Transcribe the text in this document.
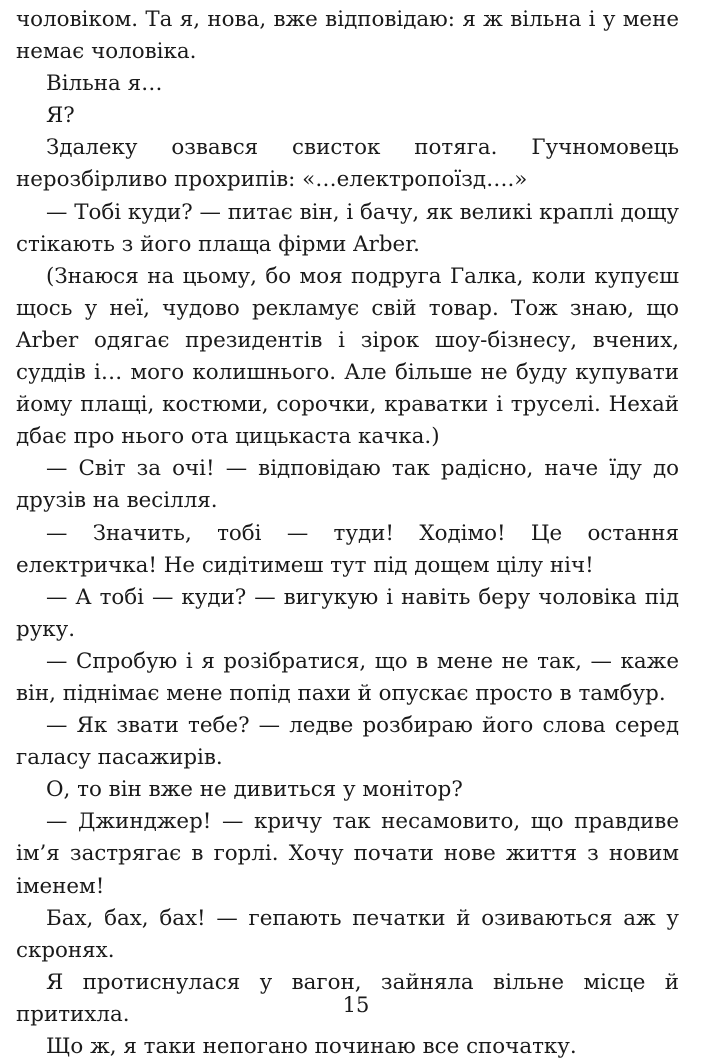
чоловіком. Та я, нова, вже відповідаю: я ж вільна і у мене немає чоловіка.

Вільна я…

Я?

Здалеку озвався свисток потяга. Гучномовець нерозбірливо прохрипів: «…електропоїзд….»

— Тобі куди? — питає він, і бачу, як великі краплі дощу стікають з його плаща фірми Arber.

(Знаюся на цьому, бо моя подруга Галка, коли купуєш щось у неї, чудово рекламує свій товар. Тож знаю, що Arber одягає президентів і зірок шоу-бізнесу, вчених, суддів і… мого колишнього. Але більше не буду купувати йому плащі, костюми, сорочки, краватки і труселі. Нехай дбає про нього ота цицькаста качка.)

— Світ за очі! — відповідаю так радісно, наче їду до друзів на весілля.

— Значить, тобі — туди! Ходімо! Це остання електричка! Не сидітимеш тут під дощем цілу ніч!

— А тобі — куди? — вигукую і навіть беру чоловіка під руку.

— Спробую і я розібратися, що в мене не так, — каже він, піднімає мене попід пахи й опускає просто в тамбур.

— Як звати тебе? — ледве розбираю його слова серед галасу пасажирів.

О, то він вже не дивиться у монітор?

— Джинджер! — кричу так несамовито, що правдиве ім’я застрягає в горлі. Хочу почати нове життя з новим іменем!

Бах, бах, бах! — гепають печатки й озиваються аж у скронях.

Я протиснулася у вагон, зайняла вільне місце й притихла.

Що ж, я таки непогано починаю все спочатку.

15
